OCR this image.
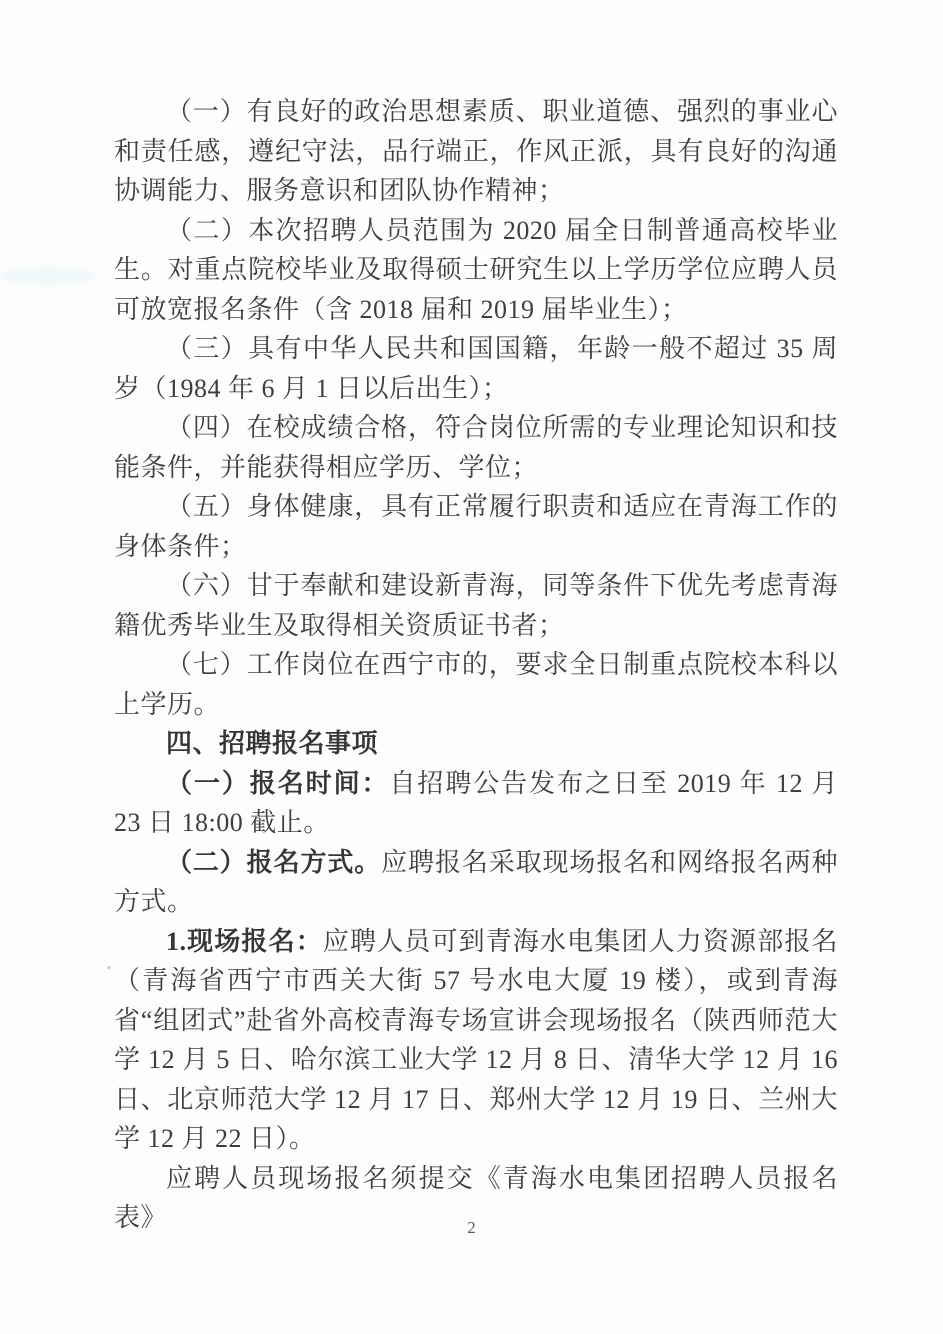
（一）有良好的政治思想素质、职业道德、强烈的事业心和责任感，遵纪守法，品行端正，作风正派，具有良好的沟通协调能力、服务意识和团队协作精神；

（二）本次招聘人员范围为 2020 届全日制普通高校毕业生。对重点院校毕业及取得硕士研究生以上学历学位应聘人员可放宽报名条件（含 2018 届和 2019 届毕业生）；

（三）具有中华人民共和国国籍，年龄一般不超过 35 周岁（1984 年 6 月 1 日以后出生）；

（四）在校成绩合格，符合岗位所需的专业理论知识和技能条件，并能获得相应学历、学位；

（五）身体健康，具有正常履行职责和适应在青海工作的身体条件；

（六）甘于奉献和建设新青海，同等条件下优先考虑青海籍优秀毕业生及取得相关资质证书者；

（七）工作岗位在西宁市的，要求全日制重点院校本科以上学历。

四、招聘报名事项

（一）报名时间：自招聘公告发布之日至 2019 年 12 月 23 日 18:00 截止。

（二）报名方式。应聘报名采取现场报名和网络报名两种方式。

1.现场报名：应聘人员可到青海水电集团人力资源部报名（青海省西宁市西关大街 57 号水电大厦 19 楼），或到青海省“组团式”赴省外高校青海专场宣讲会现场报名（陕西师范大学 12 月 5 日、哈尔滨工业大学 12 月 8 日、清华大学 12 月 16 日、北京师范大学 12 月 17 日、郑州大学 12 月 19 日、兰州大学 12 月 22 日）。

应聘人员现场报名须提交《青海水电集团招聘人员报名表》	2
